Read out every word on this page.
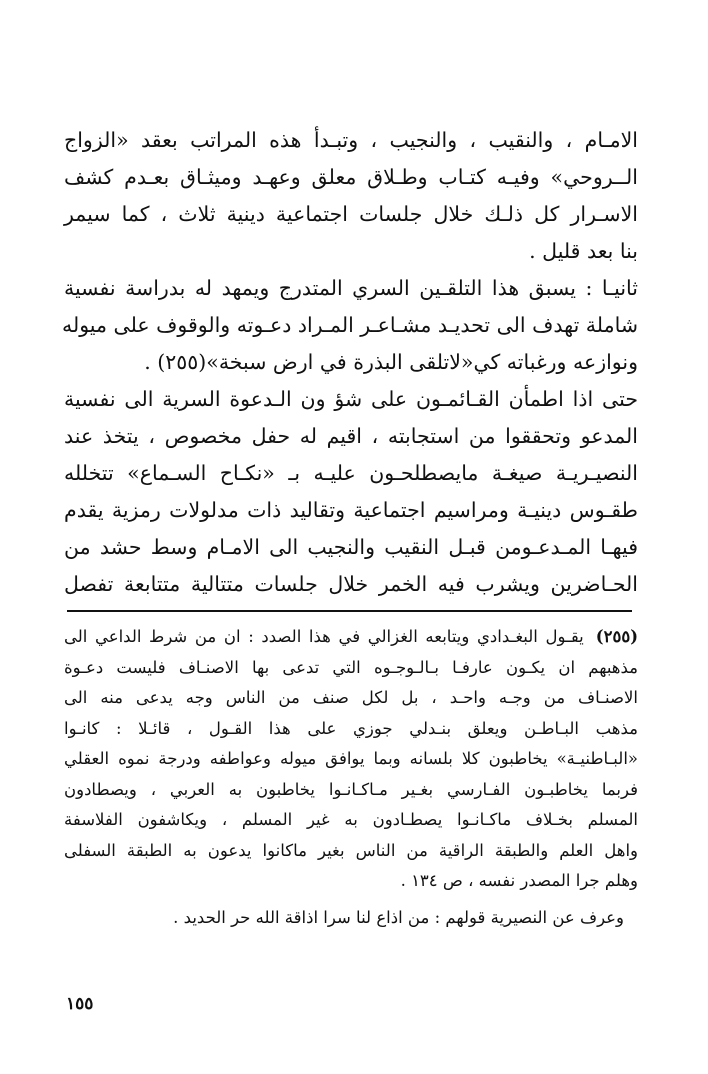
الامـام ، والنقيب ، والنجيب ، وتبـدأ هذه المراتب بعقد «الزواج
الــروحي» وفيـه كتـاب وطـلاق معلق وعهـد وميثـاق بعـدم كشف
الاسـرار كل ذلـك خلال جلسات اجتماعية دينية ثلاث ، كما سيمر
بنا بعد قليل .
ثانيـا : يسبق هذا التلقـين السري المتدرج ويمهد له بدراسة نفسية
شاملة تهدف الى تحديـد مشـاعـر المـراد دعـوته والوقوف على ميوله
ونوازعه ورغباته كي«لاتلقى البذرة في ارض سبخة»(٢٥٥) .
حتى اذا اطمأن القـائمـون على شؤ ون الـدعوة السرية الى نفسية
المدعو وتحققوا من استجابته ، اقيم له حفل مخصوص ، يتخذ عند
النصيـريـة صيغـة مايصطلحـون عليـه بـ «نكـاح السـماع» تتخلله
طقـوس دينيـة ومراسيم اجتماعية وتقاليد ذات مدلولات رمزية يقدم
فيهـا المـدعـومن قبـل النقيب والنجيب الى الامـام وسط حشد من
الحـاضرين ويشرب فيه الخمر خلال جلسات متتالية متتابعة تفصل
(٢٥٥)
يقـول البغـدادي ويتابعه الغزالي في هذا الصدد : ان من شرط الداعي الى
مذهبهم ان يكـون عارفـا بـالـوجـوه التي تدعى بها الاصنـاف فليست دعـوة
الاصنـاف من وجـه واحـد ، بل لكل صنف من الناس وجه يدعى منه الى
مذهب البـاطـن ويعلق بنـدلي جوزي على هذا القـول ، قائـلا : كانـوا
«البـاطنيـة» يخاطبون كلا بلسانه وبما يوافق ميوله وعواطفه ودرجة نموه العقلي
فربما يخاطبـون الفـارسي بغـير مـاكـانـوا يخاطبون به العربي ، ويصطادون
المسلم بخـلاف ماكـانـوا يصطـادون به غير المسلم ، ويكاشفون الفلاسفة
واهل العلم والطبقة الراقية من الناس بغير ماكانوا يدعون به الطبقة السفلى
وهلم جرا المصدر نفسه ، ص ١٣٤ .
وعرف عن النصيرية قولهم : من اذاع لنا سرا اذاقة الله حر الحديد .
١٥٥
